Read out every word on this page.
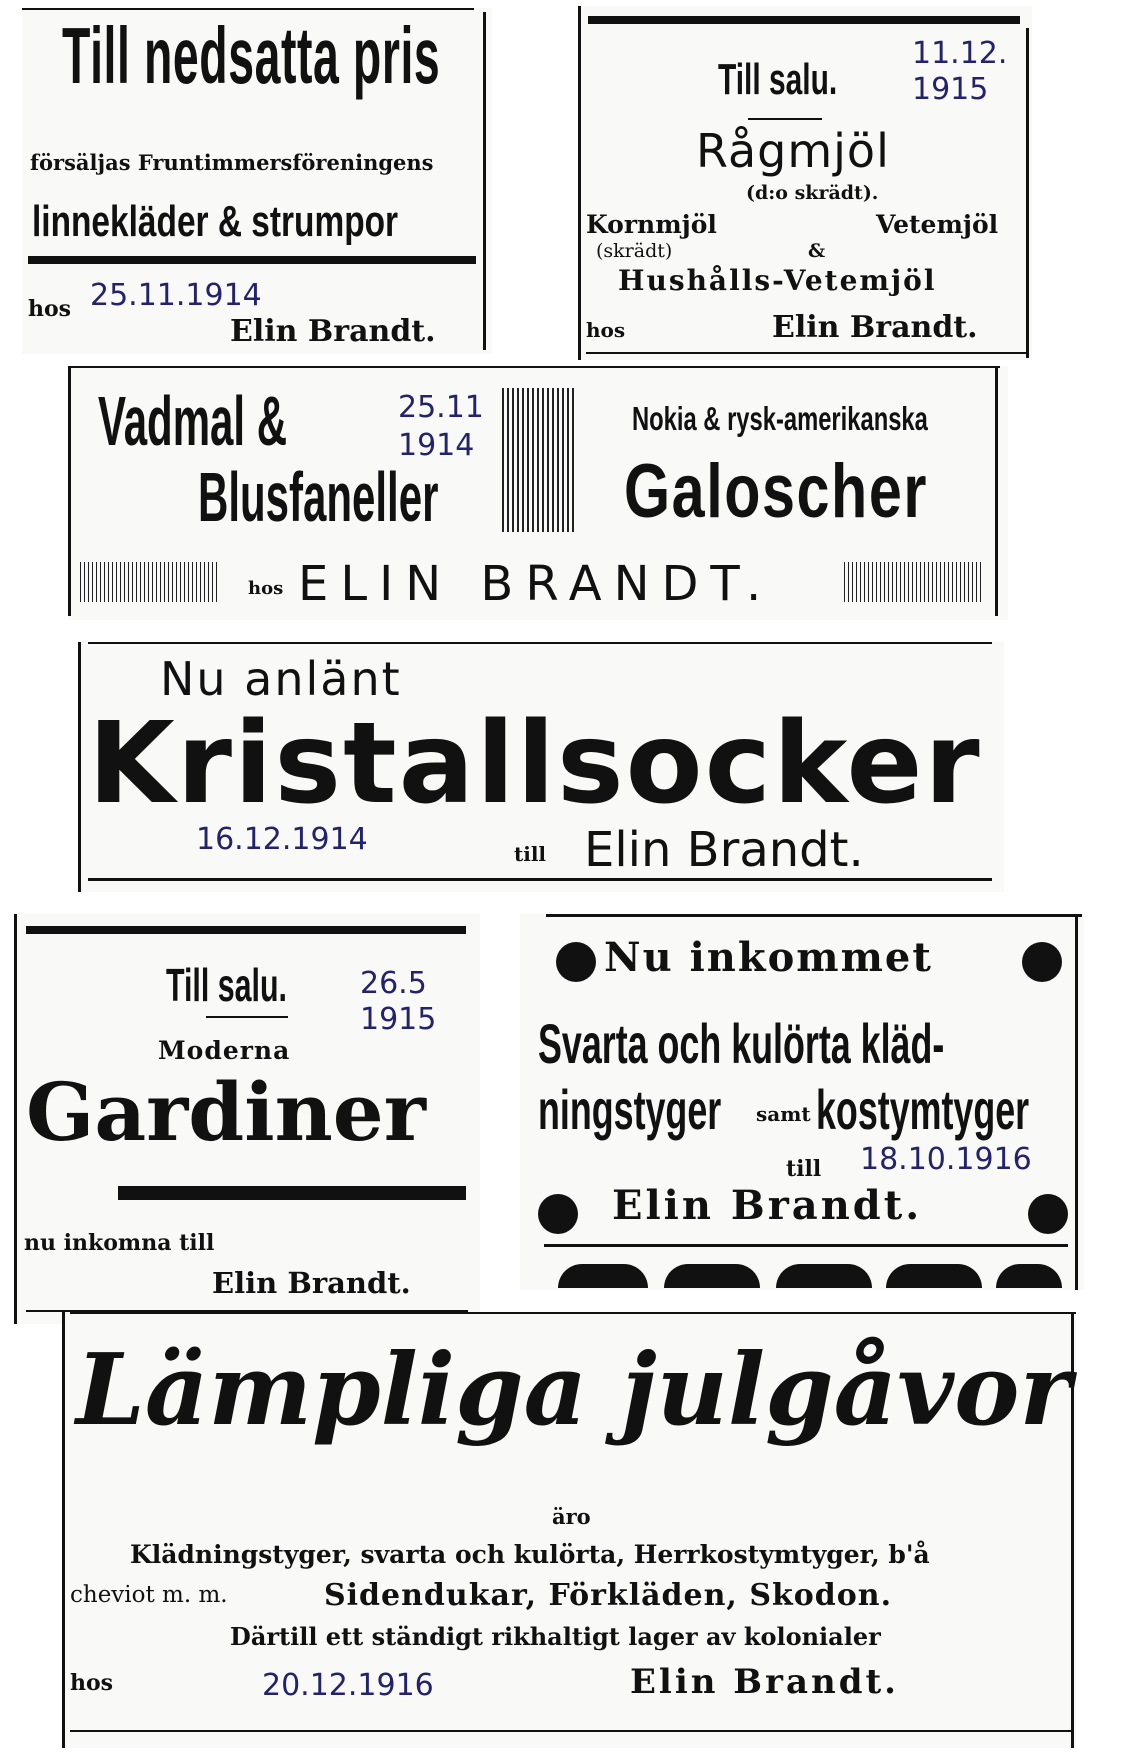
Till nedsatta pris
försäljas Fruntimmersföreningens
linnekläder & strumpor
hos 25.11.1914
Elin Brandt.
Till salu.
11.12.
1915
Rågmjöl
(d:o skrädt).
Kornmjöl
(skrädt)	&
Vetemjöl
Hushålls-Vetemjöl
hos	Elin Brandt.
Vadmal &
Blusfaneller
25.11
1914
Nokia & rysk-amerikanska
Galoscher
hos ELIN BRANDT.
Nu anlänt
Kristallsocker
16.12.1914	till Elin Brandt.
Till salu. 26.5
1915
Moderna
Gardiner
nu inkomna till
Elin Brandt.
Nu inkommet
Svarta och kulörta kläd-
ningstyger samt kostymtyger
till 18.10.1916
Elin Brandt.
Lämpliga julgåvor
äro
Klädningstyger, svarta och kulörta, Herrkostymtyger, b'å
cheviot m. m.	Sidendukar, Förkläden, Skodon.
Därtill ett ständigt rikhaltigt lager av kolonialer
hos	20.12.1916	Elin Brandt.
